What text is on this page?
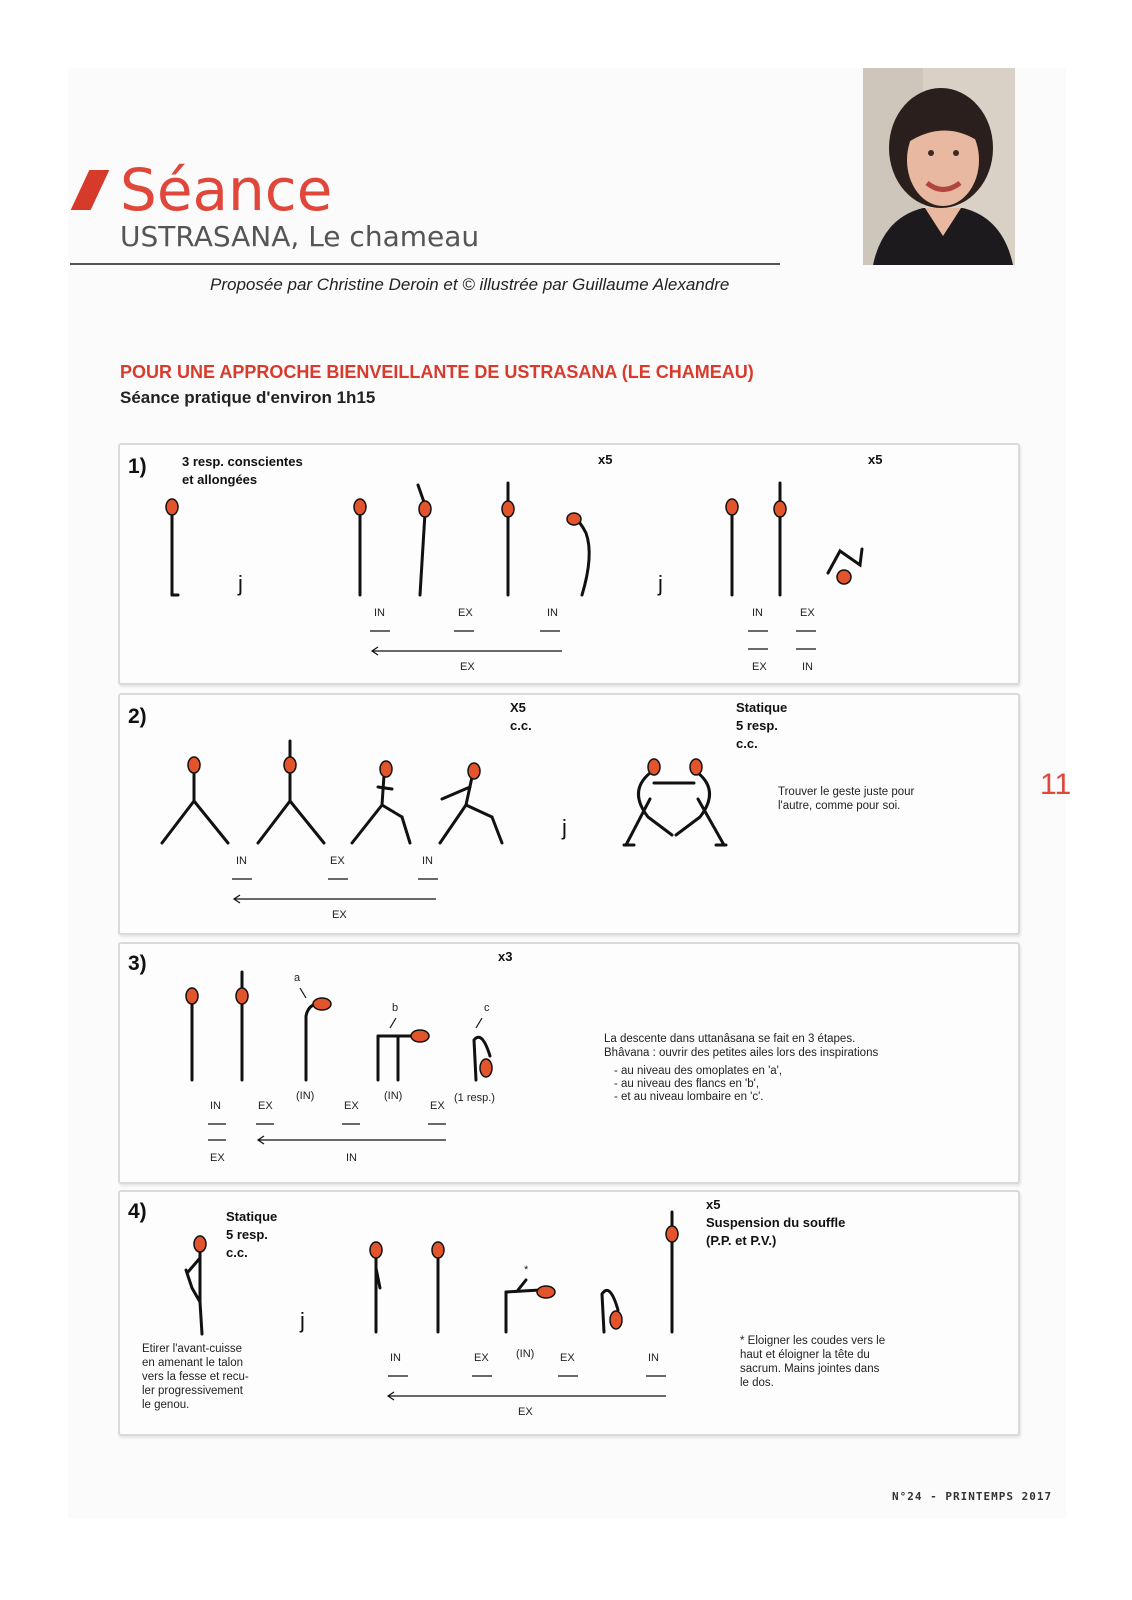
Séance
USTRASANA, Le chameau
Proposée par Christine Deroin et © illustrée par Guillaume Alexandre
POUR UNE APPROCHE BIENVEILLANTE DE USTRASANA (LE CHAMEAU)
Séance pratique d'environ 1h15
11
1)	3 resp. conscientes
et allongées
x5	x5
j	j
IN	EX	IN
EX
IN	EX
EX	IN
2)	X5
c.c.
Statique
5 resp.
c.c.
j
Trouver le geste juste pour
l'autre, comme pour soi.
IN	EX	IN
EX
3)	x3
a
b	c
IN	EX
(IN)
EX
(IN)
EX
(1 resp.)
EX	IN
La descente dans uttanâsana se fait en 3 étapes.
Bhâvana : ouvrir des petites ailes lors des inspirations
- au niveau des omoplates en 'a',
- au niveau des flancs en 'b',
- et au niveau lombaire en 'c'.
4)	Statique
5 resp.
c.c.
x5
Suspension du souffle
(P.P. et P.V.)
j
Etirer l'avant-cuisse
en amenant le talon
vers la fesse et recu-
ler progressivement
le genou.
* Eloigner les coudes vers le
haut et éloigner la tête du
sacrum. Mains jointes dans
le dos.
*
IN	EX (IN) EX	IN
EX
N°24 - PRINTEMPS 2017
